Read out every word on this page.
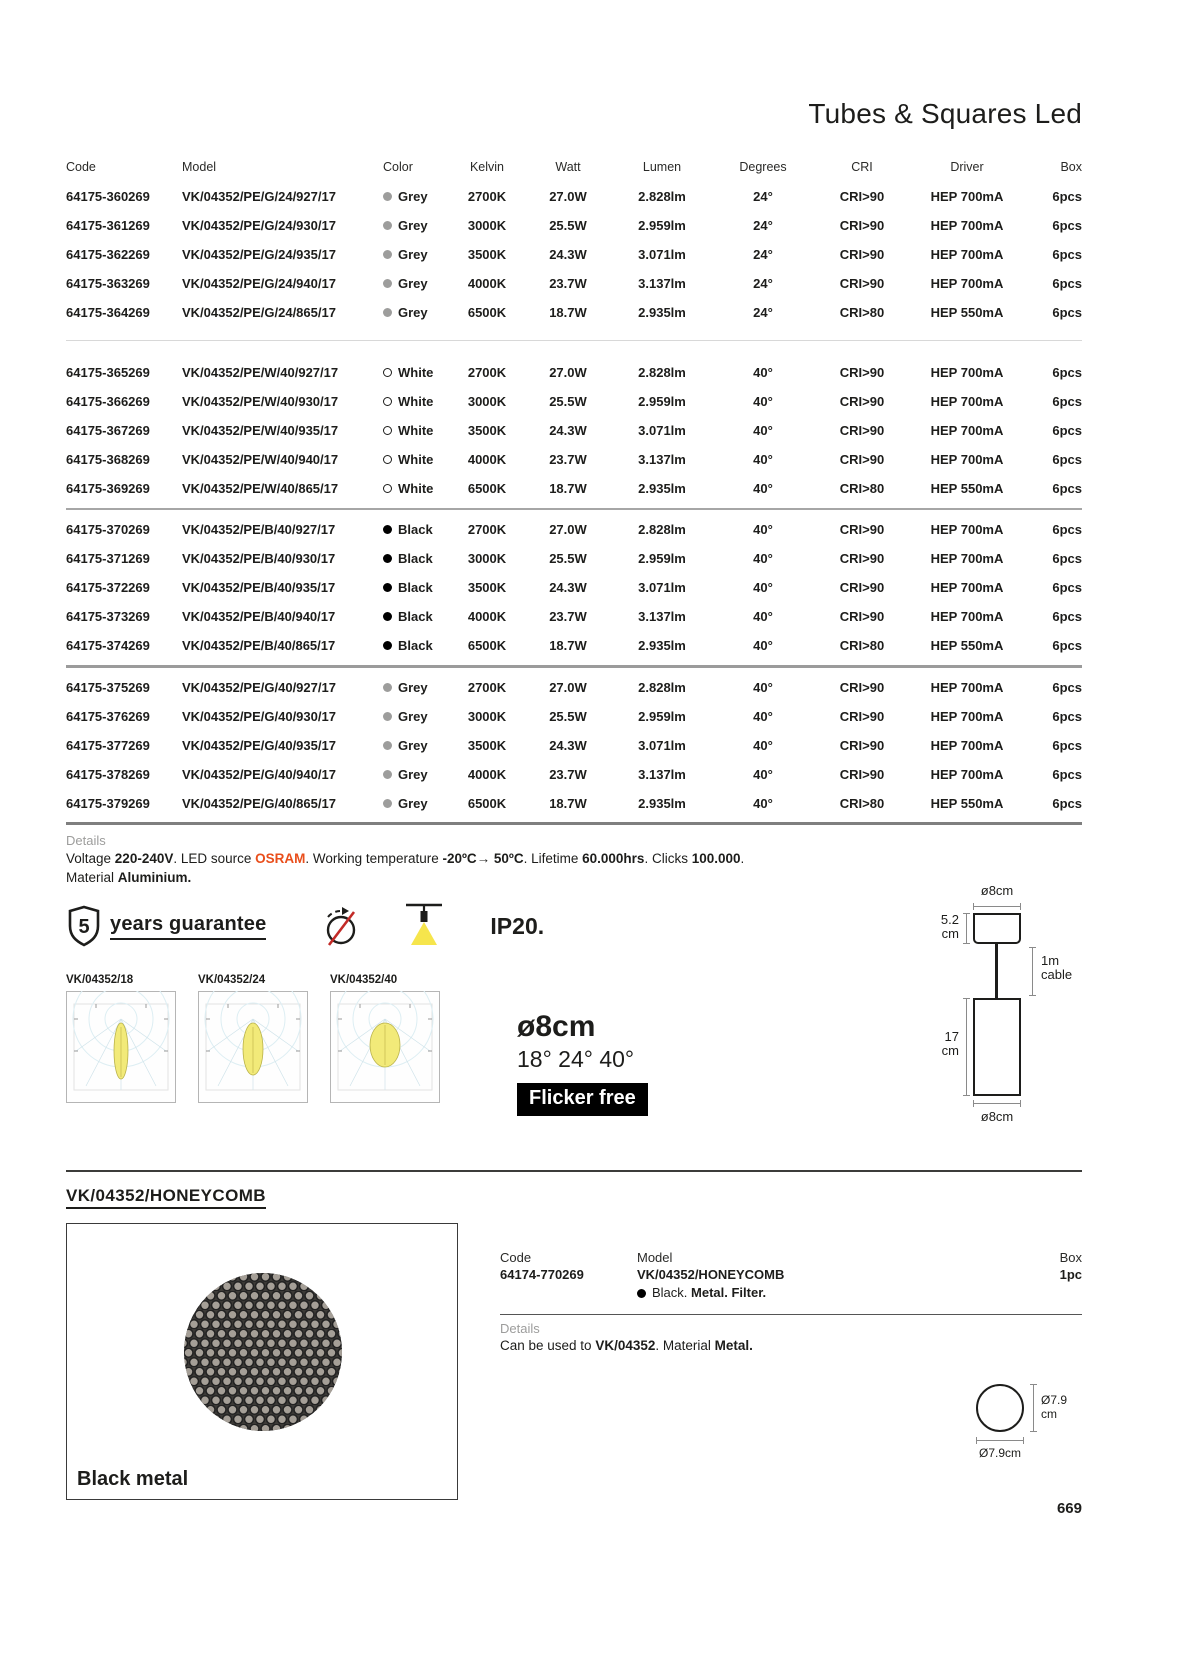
Tubes & Squares Led
Code	Model	Color	Kelvin	Watt	Lumen	Degrees	CRI	Driver	Box
64175-360269	VK/04352/PE/G/24/927/17	Grey	2700K	27.0W	2.828lm	24°	CRI>90	HEP 700mA	6pcs
64175-361269	VK/04352/PE/G/24/930/17	Grey	3000K	25.5W	2.959lm	24°	CRI>90	HEP 700mA	6pcs
64175-362269	VK/04352/PE/G/24/935/17	Grey	3500K	24.3W	3.071lm	24°	CRI>90	HEP 700mA	6pcs
64175-363269	VK/04352/PE/G/24/940/17	Grey	4000K	23.7W	3.137lm	24°	CRI>90	HEP 700mA	6pcs
64175-364269	VK/04352/PE/G/24/865/17	Grey	6500K	18.7W	2.935lm	24°	CRI>80	HEP 550mA	6pcs
64175-365269	VK/04352/PE/W/40/927/17	White	2700K	27.0W	2.828lm	40°	CRI>90	HEP 700mA	6pcs
64175-366269	VK/04352/PE/W/40/930/17	White	3000K	25.5W	2.959lm	40°	CRI>90	HEP 700mA	6pcs
64175-367269	VK/04352/PE/W/40/935/17	White	3500K	24.3W	3.071lm	40°	CRI>90	HEP 700mA	6pcs
64175-368269	VK/04352/PE/W/40/940/17	White	4000K	23.7W	3.137lm	40°	CRI>90	HEP 700mA	6pcs
64175-369269	VK/04352/PE/W/40/865/17	White	6500K	18.7W	2.935lm	40°	CRI>80	HEP 550mA	6pcs
64175-370269	VK/04352/PE/B/40/927/17	Black	2700K	27.0W	2.828lm	40°	CRI>90	HEP 700mA	6pcs
64175-371269	VK/04352/PE/B/40/930/17	Black	3000K	25.5W	2.959lm	40°	CRI>90	HEP 700mA	6pcs
64175-372269	VK/04352/PE/B/40/935/17	Black	3500K	24.3W	3.071lm	40°	CRI>90	HEP 700mA	6pcs
64175-373269	VK/04352/PE/B/40/940/17	Black	4000K	23.7W	3.137lm	40°	CRI>90	HEP 700mA	6pcs
64175-374269	VK/04352/PE/B/40/865/17	Black	6500K	18.7W	2.935lm	40°	CRI>80	HEP 550mA	6pcs
64175-375269	VK/04352/PE/G/40/927/17	Grey	2700K	27.0W	2.828lm	40°	CRI>90	HEP 700mA	6pcs
64175-376269	VK/04352/PE/G/40/930/17	Grey	3000K	25.5W	2.959lm	40°	CRI>90	HEP 700mA	6pcs
64175-377269	VK/04352/PE/G/40/935/17	Grey	3500K	24.3W	3.071lm	40°	CRI>90	HEP 700mA	6pcs
64175-378269	VK/04352/PE/G/40/940/17	Grey	4000K	23.7W	3.137lm	40°	CRI>90	HEP 700mA	6pcs
64175-379269	VK/04352/PE/G/40/865/17	Grey	6500K	18.7W	2.935lm	40°	CRI>80	HEP 550mA	6pcs
Details
Voltage 220-240V. LED source OSRAM. Working temperature -20ºC→ 50ºC. Lifetime 60.000hrs. Clicks 100.000.
Material Aluminium.
5 years guarantee	IP20.
VK/04352/18	VK/04352/24	VK/04352/40
ø8cm
18° 24° 40°
Flicker free
ø8cm
5.2
cm
1m
cable
17
cm
ø8cm
VK/04352/HONEYCOMB
Black metal
Code
64174-770269
Model
VK/04352/HONEYCOMB
Black. Metal. Filter.
Box
1pc
Details
Can be used to VK/04352. Material Metal.
Ø7.9
cm
Ø7.9cm
669
